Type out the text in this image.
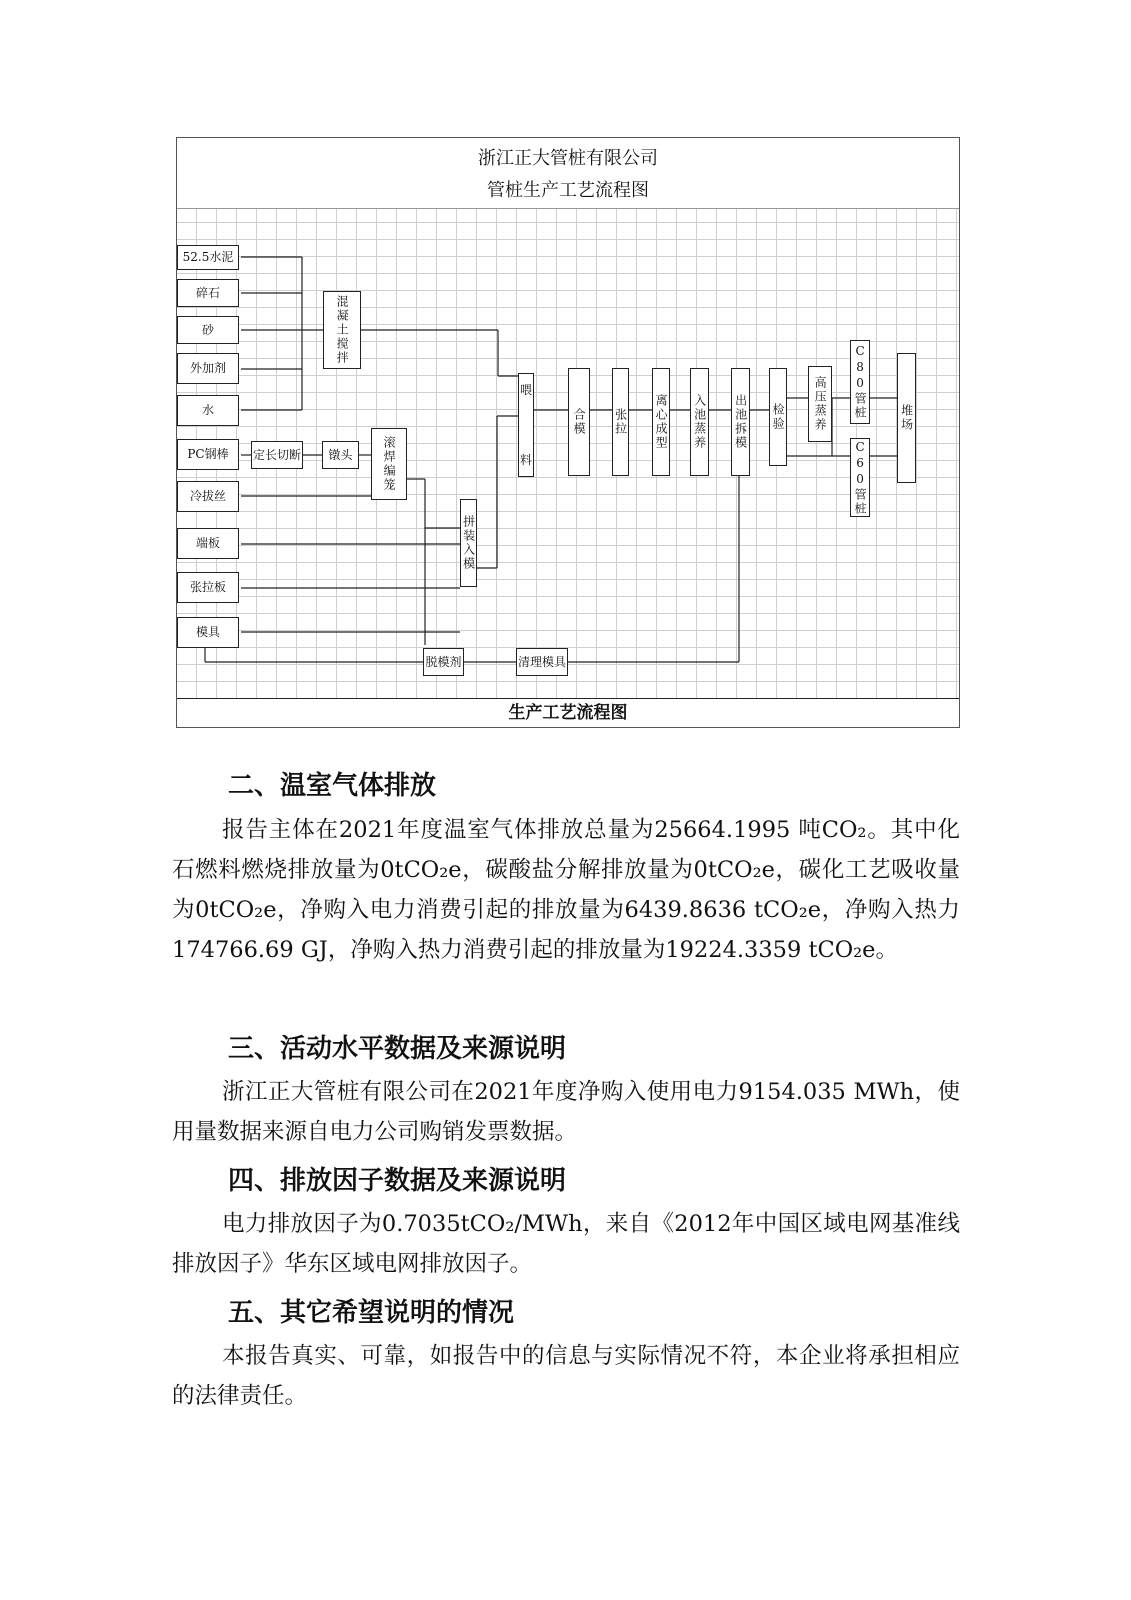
浙江正大管桩有限公司
管桩生产工艺流程图
52.5水泥
碎石
砂
外加剂
水
PC钢棒
冷拔丝
端板
张拉板
模具
混凝土搅拌
定长切断	镦头	滚焊编笼
拼装入模
喂
料
合模	张拉 离心成型 入池蒸养 出池拆模 检验	高压蒸养	C80管桩
C60管桩
堆场
脱模剂	清理模具
生产工艺流程图
二、温室气体排放

报告主体在2021年度温室气体排放总量为25664.1995 吨CO₂。其中化石燃料燃烧排放量为0tCO₂e，碳酸盐分解排放量为0tCO₂e，碳化工艺吸收量为0tCO₂e，净购入电力消费引起的排放量为6439.8636 tCO₂e，净购入热力174766.69 GJ，净购入热力消费引起的排放量为19224.3359 tCO₂e。

三、活动水平数据及来源说明

浙江正大管桩有限公司在2021年度净购入使用电力9154.035 MWh，使用量数据来源自电力公司购销发票数据。

四、排放因子数据及来源说明

电力排放因子为0.7035tCO₂/MWh，来自《2012年中国区域电网基准线排放因子》华东区域电网排放因子。

五、其它希望说明的情况

本报告真实、可靠，如报告中的信息与实际情况不符，本企业将承担相应的法律责任。
